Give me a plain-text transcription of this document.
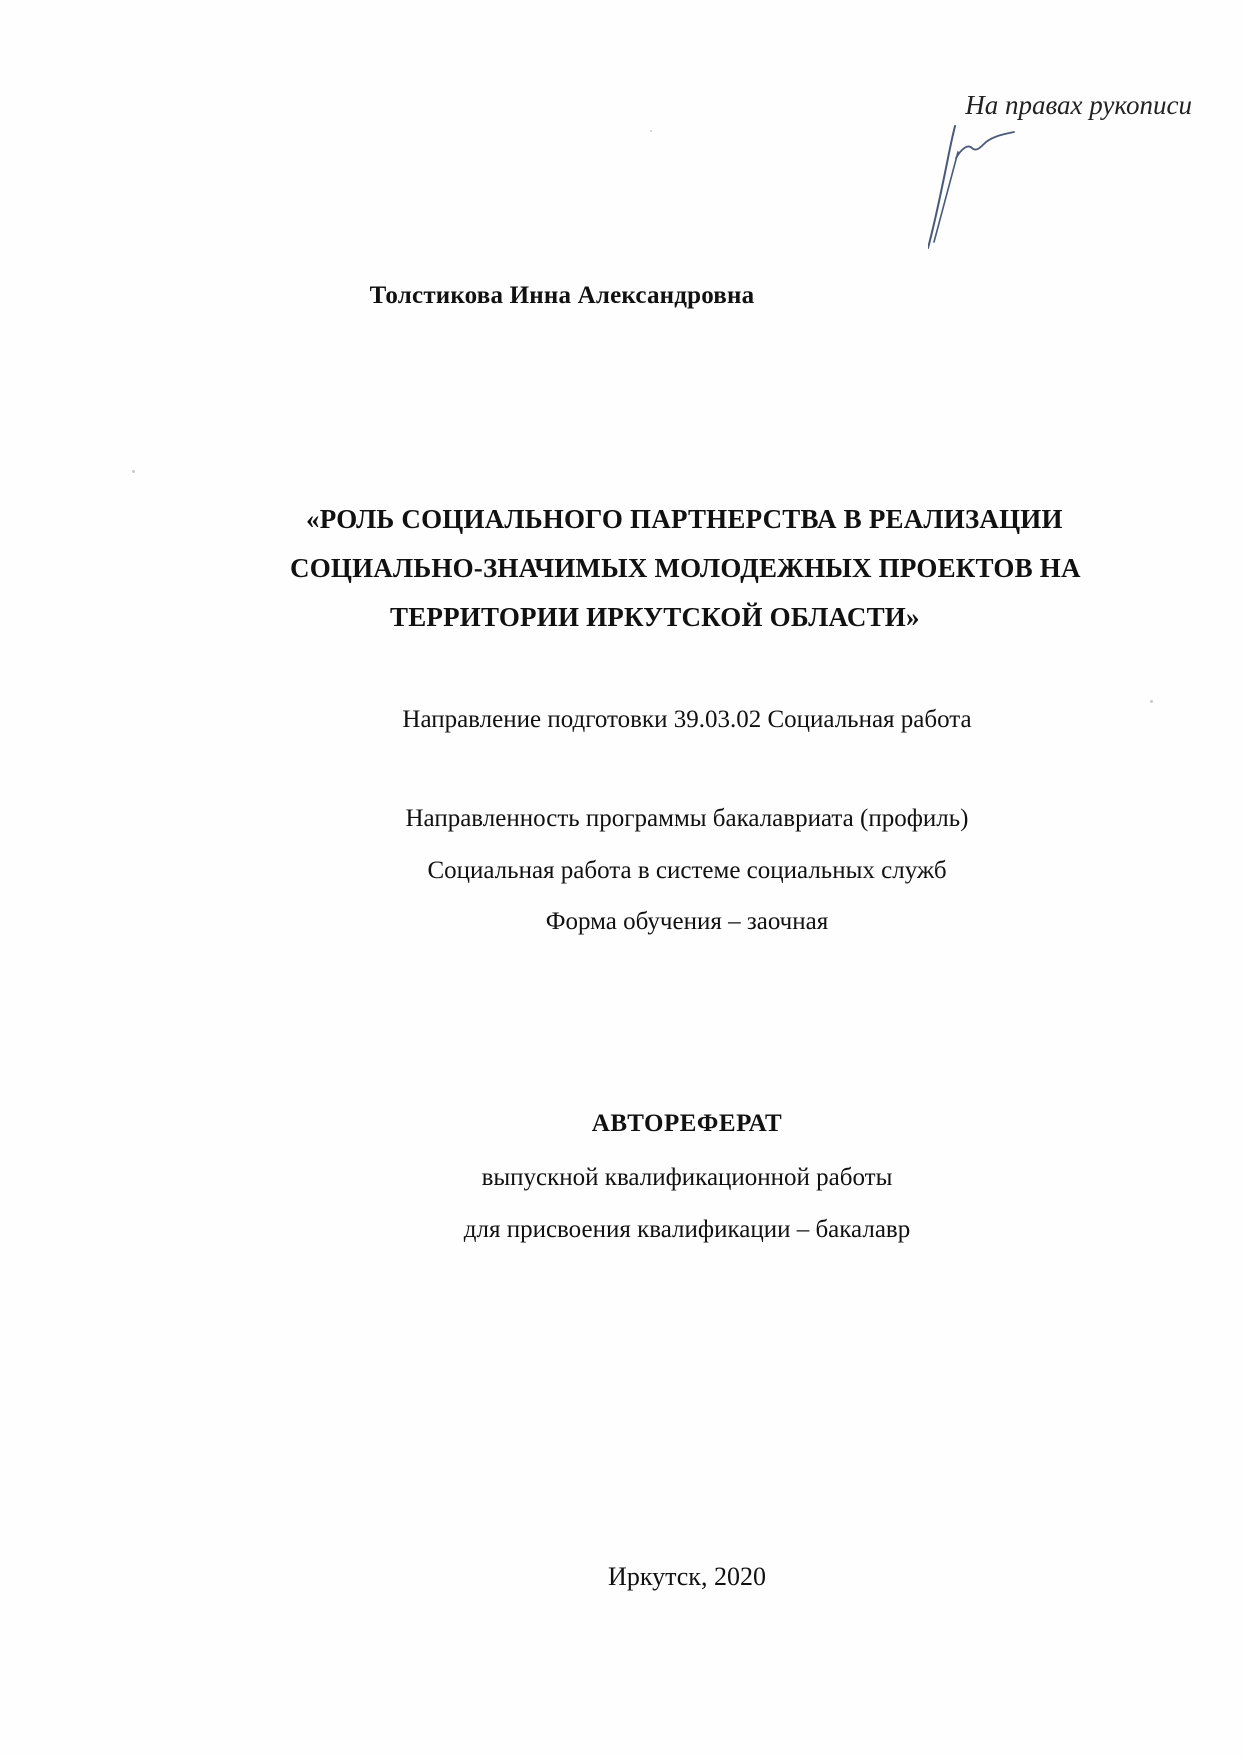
На правах рукописи
Толстикова Инна Александровна
«РОЛЬ СОЦИАЛЬНОГО ПАРТНЕРСТВА В РЕАЛИЗАЦИИ
СОЦИАЛЬНО-ЗНАЧИМЫХ МОЛОДЕЖНЫХ ПРОЕКТОВ НА
ТЕРРИТОРИИ ИРКУТСКОЙ ОБЛАСТИ»
Направление подготовки 39.03.02 Социальная работа
Направленность программы бакалавриата (профиль)
Социальная работа в системе социальных служб
Форма обучения – заочная
АВТОРЕФЕРАТ
выпускной квалификационной работы
для присвоения квалификации – бакалавр
Иркутск, 2020
